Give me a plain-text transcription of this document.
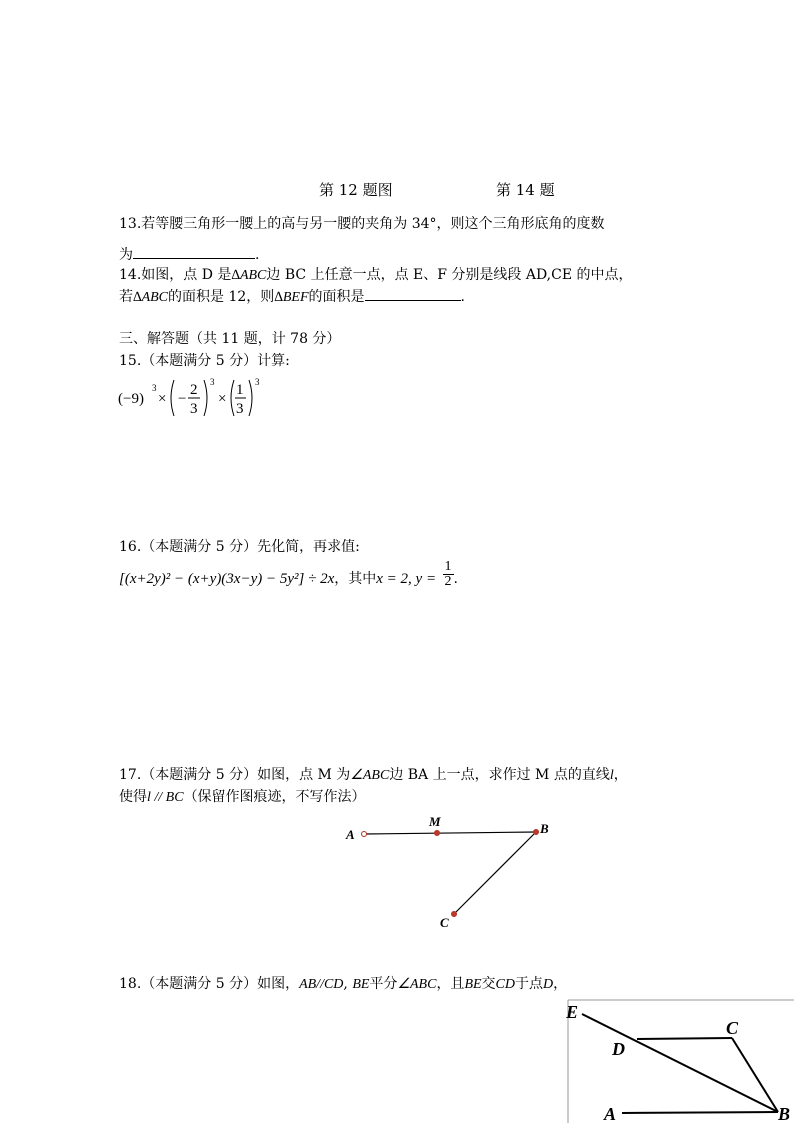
第 12 题图	第 14 题
13.若等腰三角形一腰上的高与另一腰的夹角为 34°，则这个三角形底角的度数
为	.
14.如图，点 D 是∆ABC边 BC 上任意一点，点 E、F 分别是线段 AD,CE 的中点，
若∆ABC的面积是 12，则∆BEF的面积是	.
三、解答题（共 11 题，计 78 分）
15.（本题满分 5 分）计算:
(−9)
3
× −
2
3
3
×
1
3
3
16.（本题满分 5 分）先化简，再求值:
[(x+2y)² − (x+y)(3x−y) − 5y²] ÷ 2x，其中x = 2, $y = \frac{1}{2}$ .
17.（本题满分 5 分）如图，点 M 为∠ABC边 BA 上一点，求作过 M 点的直线l，
使得l // BC（保留作图痕迹，不写作法）
A
M	B
C
18.（本题满分 5 分）如图，AB//CD, BE平分∠ABC，且BE交CD于点D，
E
C
D
A	B
